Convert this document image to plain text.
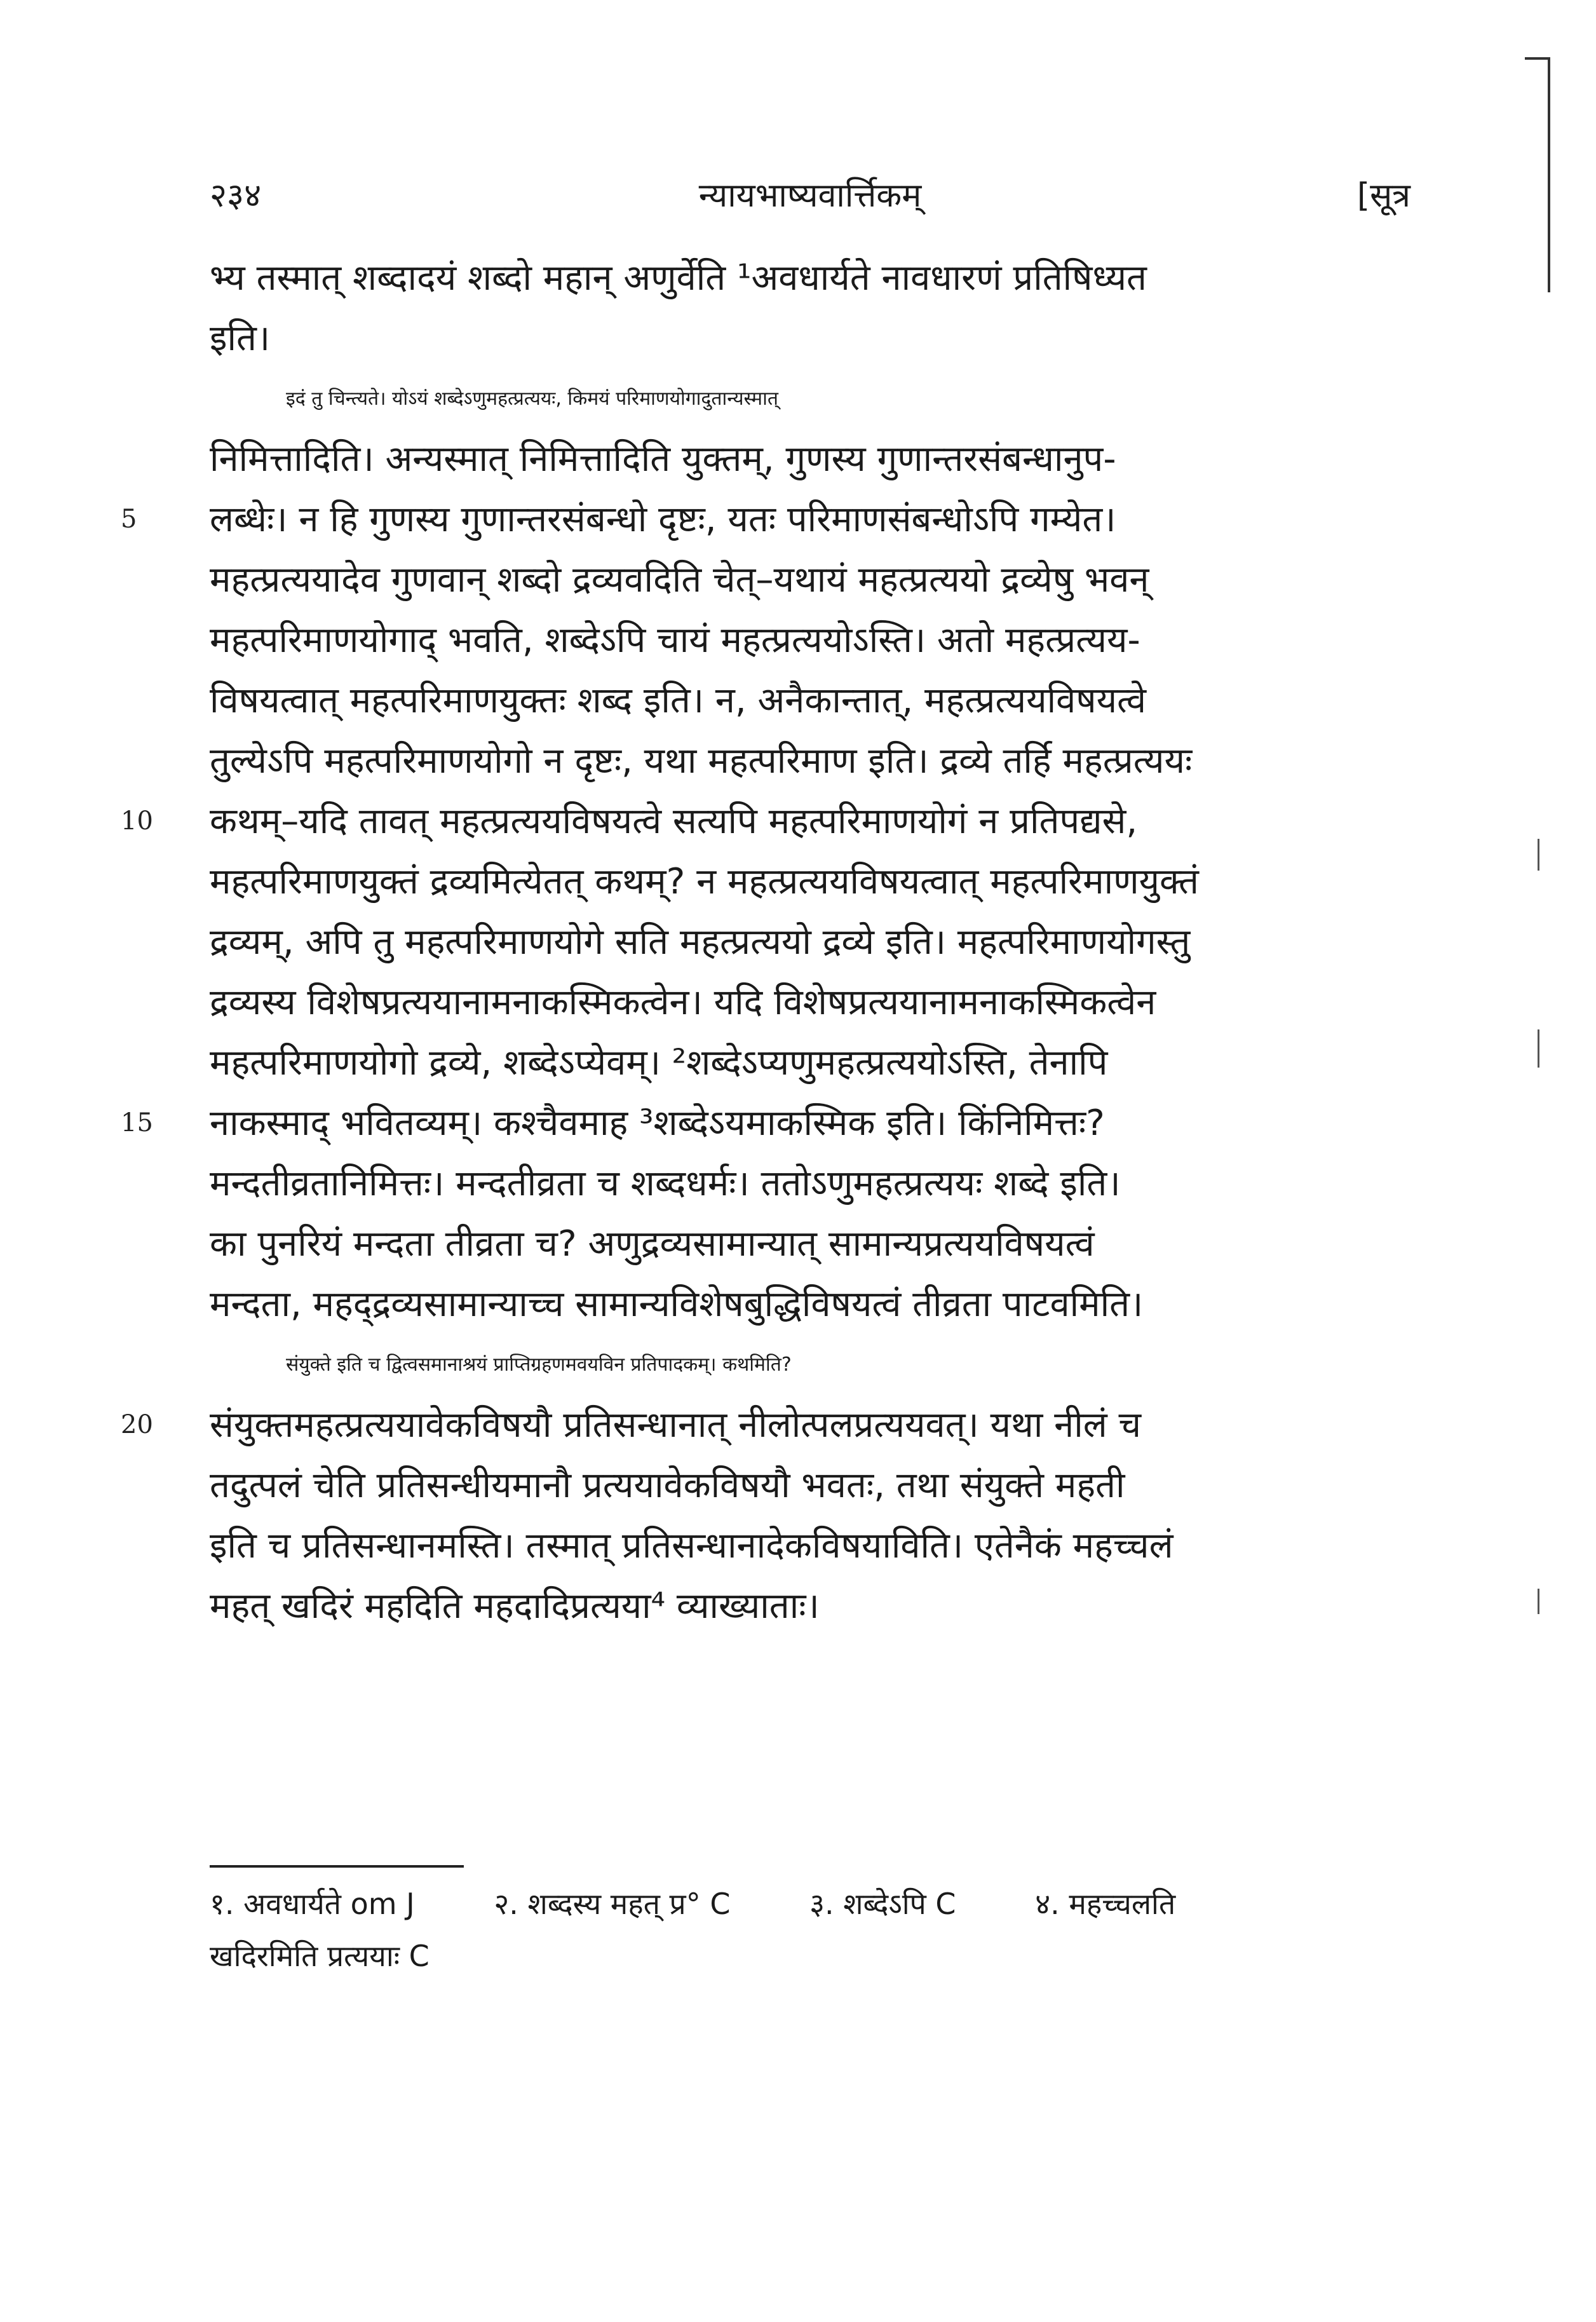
२३४	न्यायभाष्यवार्त्तिकम्	[सूत्र
भ्य तस्मात् शब्दादयं शब्दो महान् अणुर्वेति ¹अवधार्यते नावधारणं प्रतिषिध्यत
इति।
इदं तु चिन्त्यते। योऽयं शब्देऽणुमहत्प्रत्ययः, किमयं परिमाणयोगादुतान्यस्मात्
निमित्तादिति। अन्यस्मात् निमित्तादिति युक्तम्, गुणस्य गुणान्तरसंबन्धानुप-
5	लब्धेः। न हि गुणस्य गुणान्तरसंबन्धो दृष्टः, यतः परिमाणसंबन्धोऽपि गम्येत।
महत्प्रत्ययादेव गुणवान् शब्दो द्रव्यवदिति चेत्–यथायं महत्प्रत्ययो द्रव्येषु भवन्
महत्परिमाणयोगाद् भवति, शब्देऽपि चायं महत्प्रत्ययोऽस्ति। अतो महत्प्रत्यय-
विषयत्वात् महत्परिमाणयुक्तः शब्द इति। न, अनैकान्तात्, महत्प्रत्ययविषयत्वे
तुल्येऽपि महत्परिमाणयोगो न दृष्टः, यथा महत्परिमाण इति। द्रव्ये तर्हि महत्प्रत्ययः
10	कथम्–यदि तावत् महत्प्रत्ययविषयत्वे सत्यपि महत्परिमाणयोगं न प्रतिपद्यसे,
महत्परिमाणयुक्तं द्रव्यमित्येतत् कथम्? न महत्प्रत्ययविषयत्वात् महत्परिमाणयुक्तं
द्रव्यम्, अपि तु महत्परिमाणयोगे सति महत्प्रत्ययो द्रव्ये इति। महत्परिमाणयोगस्तु
द्रव्यस्य विशेषप्रत्ययानामनाकस्मिकत्वेन। यदि विशेषप्रत्ययानामनाकस्मिकत्वेन
महत्परिमाणयोगो द्रव्ये, शब्देऽप्येवम्। ²शब्देऽप्यणुमहत्प्रत्ययोऽस्ति, तेनापि
15	नाकस्माद् भवितव्यम्। कश्चैवमाह ³शब्देऽयमाकस्मिक इति। किंनिमित्तः?
मन्दतीव्रतानिमित्तः। मन्दतीव्रता च शब्दधर्मः। ततोऽणुमहत्प्रत्ययः शब्दे इति।
का पुनरियं मन्दता तीव्रता च? अणुद्रव्यसामान्यात् सामान्यप्रत्ययविषयत्वं
मन्दता, महद्द्रव्यसामान्याच्च सामान्यविशेषबुद्धिविषयत्वं तीव्रता पाटवमिति।
संयुक्ते इति च द्वित्वसमानाश्रयं प्राप्तिग्रहणमवयविन प्रतिपादकम्। कथमिति?
20	संयुक्तमहत्प्रत्ययावेकविषयौ प्रतिसन्धानात् नीलोत्पलप्रत्ययवत्। यथा नीलं च
तदुत्पलं चेति प्रतिसन्धीयमानौ प्रत्ययावेकविषयौ भवतः, तथा संयुक्ते महती
इति च प्रतिसन्धानमस्ति। तस्मात् प्रतिसन्धानादेकविषयाविति। एतेनैकं महच्चलं
महत् खदिरं महदिति महदादिप्रत्यया⁴ व्याख्याताः।
१. अवधार्यते om J	२. शब्दस्य महत् प्र° C	३. शब्देऽपि C	४. महच्चलति
खदिरमिति प्रत्ययाः C
